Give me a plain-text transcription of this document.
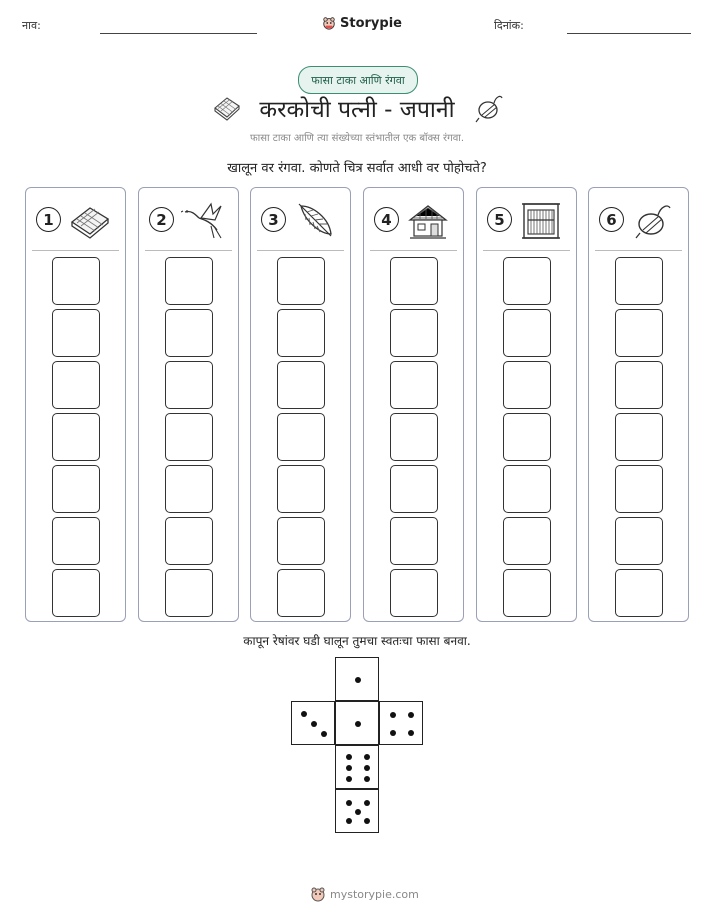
नाव:	Storypie	दिनांक:
फासा टाका आणि रंगवा
करकोची पत्नी - जपानी
फासा टाका आणि त्या संख्येच्या स्तंभातील एक बॉक्स रंगवा.
खालून वर रंगवा. कोणते चित्र सर्वात आधी वर पोहोचते?
1	2	3	4	5	6
कापून रेषांवर घडी घालून तुमचा स्वतःचा फासा बनवा.
mystorypie.com
